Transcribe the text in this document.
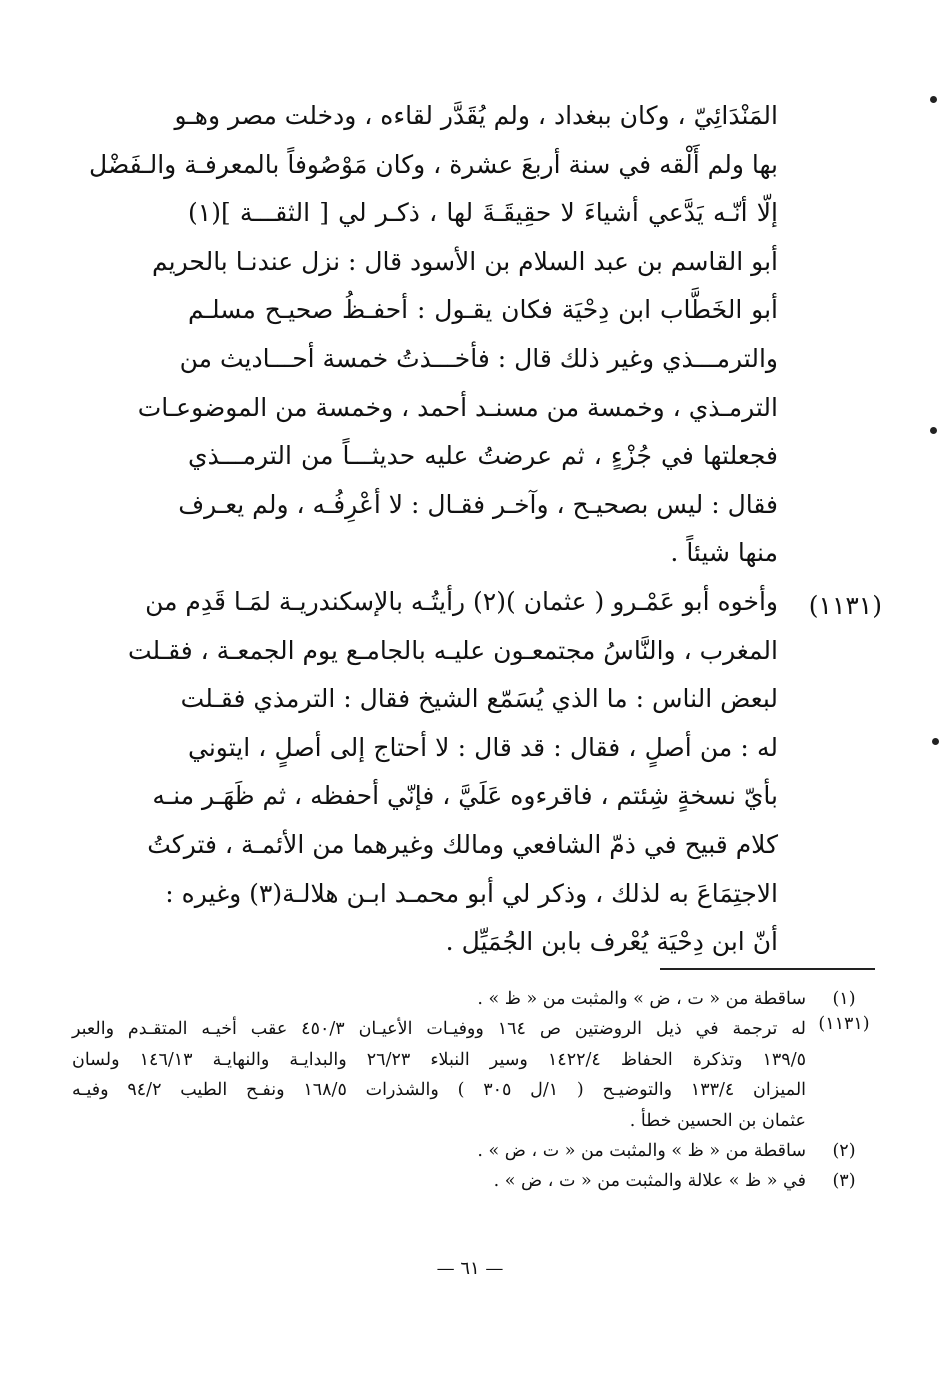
المَنْدَائِيّ ، وكان ببغداد ، ولم يُقَدَّر لقاءه ، ودخلت مصر وهـو
بها ولم أَلْقه في سنة أربعَ عشرة ، وكان مَوْصُوفاً بالمعرفـة والـفَضْل
إلّا أنّـه يَدَّعي أشياءَ لا حقِيقَـةَ لها ، ذكـر لي [ الثقـــة ](١)
أبو القاسم بن عبد السلام بن الأسود قال : نزل عندنـا بالحريم
أبو الخَطَّاب ابن دِحْيَة فكان يقـول : أحفـظُ صحيـح مسلـم
والترمـــذي وغير ذلك قال : فأخـــذتُ خمسة أحـــاديث من
الترمـذي ، وخمسة من مسنـد أحمد ، وخمسة من الموضوعـات
فجعلتها في جُزْءٍ ، ثم عرضتُ عليه حديثـــاً من الترمـــذي
فقال : ليس بصحيـح ، وآخـر فقـال : لا أعْرِفُـه ، ولم يعـرف
منها شيئاً .
(١١٣١)
وأخوه أبو عَمْـرو ( عثمان )(٢) رأيتُـه بالإسكندريـة لمَـا قَدِم من
المغرب ، والنَّاسُ مجتمعـون عليـه بالجامـع يوم الجمعـة ، فقـلت
لبعض الناس : ما الذي يُسَمّع الشيخ فقال : الترمذي فقـلت
له : من أصلٍ ، فقال : قد قال : لا أحتاج إلى أصلٍ ، ايتوني
بأيّ نسخةٍ شِئتم ، فاقرءوه عَلَيَّ ، فإنّي أحفظه ، ثم ظَهَـر منـه
كلام قبيح في ذمّ الشافعي ومالك وغيرهما من الأئمـة ، فتركتُ
الاجتِمَاعَ به لذلك ، وذكر لي أبو محمـد ابـن هلالـة(٣) وغيره :
أنّ ابن دِحْيَة يُعْرف بابن الجُمَيِّل .
(١)ساقطة من « ت ، ض » والمثبت من « ظ » .
(١١٣١)
له ترجمة في ذيل الروضتين ص ١٦٤ ووفيـات الأعيـان ٤٥٠/٣ عقب أخيـه المتقـدم والعبر
١٣٩/٥ وتذكرة الحفاظ ١٤٢٢/٤ وسير النبلاء ٢٦/٢٣ والبدايـة والنهايـة ١٤٦/١٣ ولسان
الميزان ١٣٣/٤ والتوضيـح ( ١/ل ٣٠٥ ) والشذرات ١٦٨/٥ ونفـح الطيب ٩٤/٢ وفيـه
عثمان بن الحسين خطأ .
(٢)ساقطة من « ظ » والمثبت من « ت ، ض » .
(٣)في « ظ » علالة والمثبت من « ت ، ض » .
— ٦١ —
